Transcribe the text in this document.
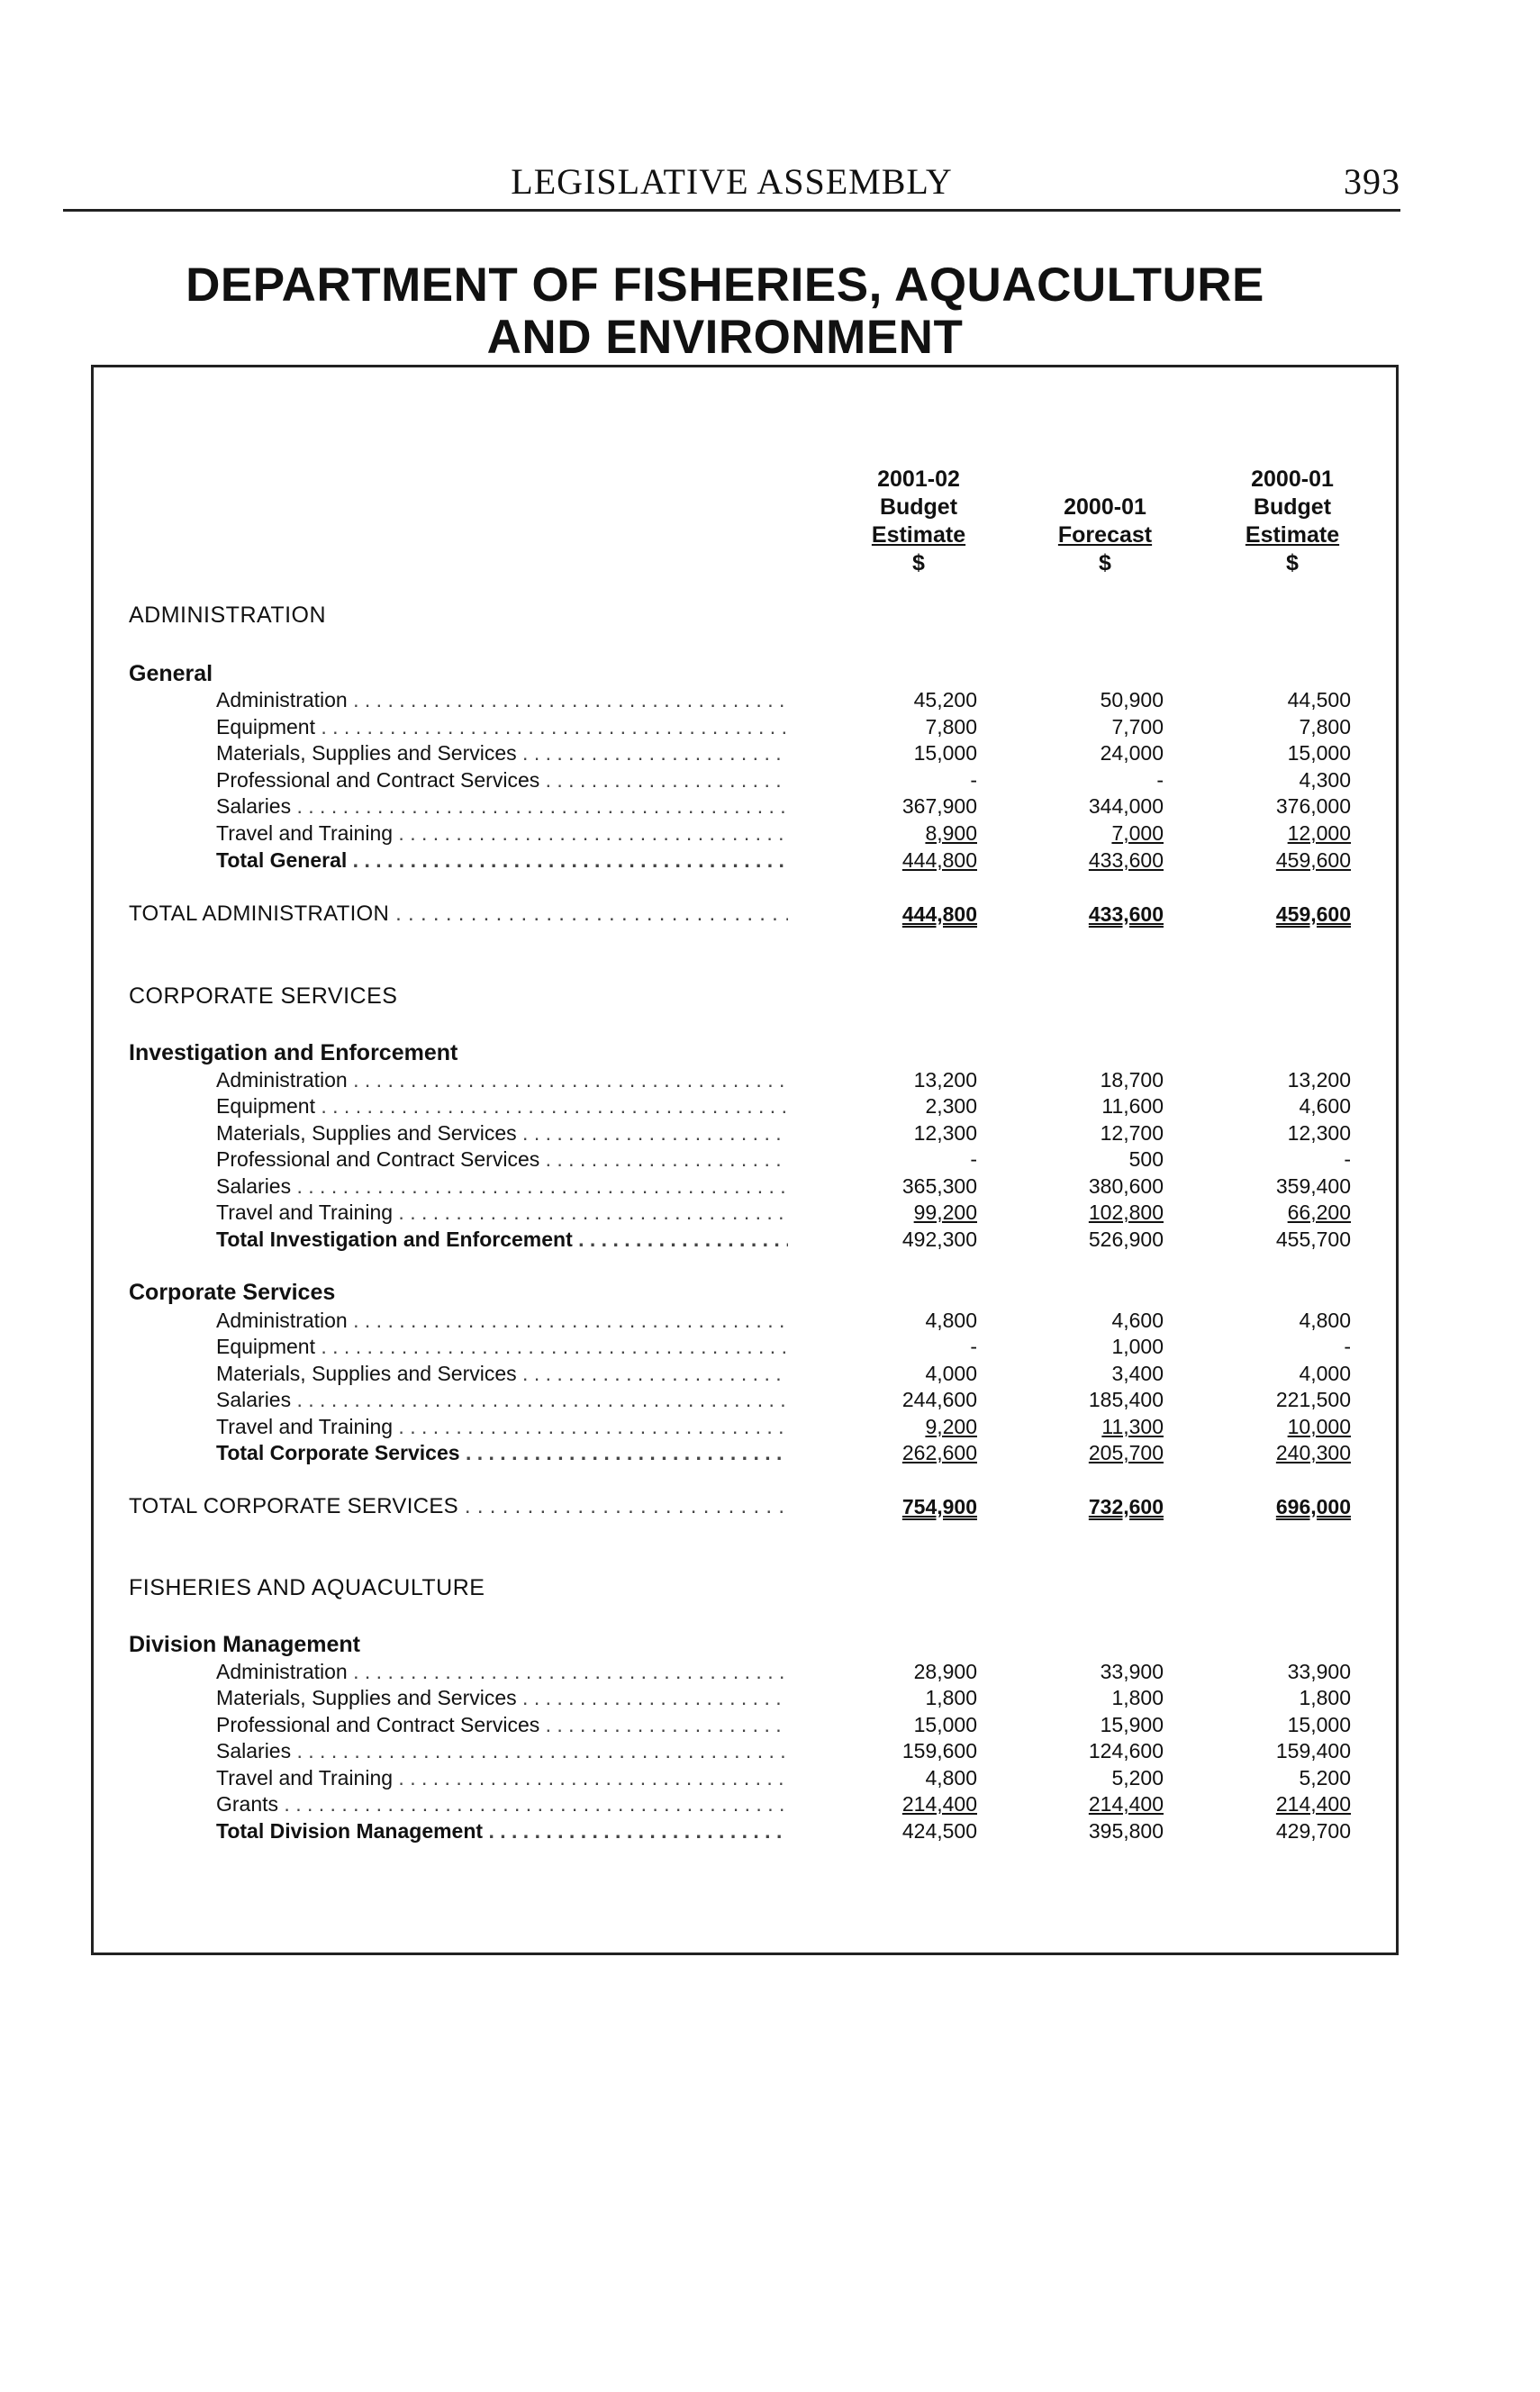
LEGISLATIVE ASSEMBLY	393
DEPARTMENT OF FISHERIES, AQUACULTURE
AND ENVIRONMENT
2001-02
Budget
Estimate
$
2000-01
Forecast
$
2000-01
Budget
Estimate
$
ADMINISTRATION
General
Administration . . .	45,200	50,900	44,500
Equipment . . .	7,800	7,700	7,800
Materials, Supplies and Services . . .	15,000	24,000	15,000
Professional and Contract Services . . .	-	-	4,300
Salaries . . .	367,900	344,000	376,000
Travel and Training . . .	8,900	7,000	12,000
Total General . . .	444,800	433,600	459,600
TOTAL ADMINISTRATION . . .	444,800	433,600	459,600
CORPORATE SERVICES
Investigation and Enforcement
Administration . . .	13,200	18,700	13,200
Equipment . . .	2,300	11,600	4,600
Materials, Supplies and Services . . .	12,300	12,700	12,300
Professional and Contract Services . . .	-	500	-
Salaries . . .	365,300	380,600	359,400
Travel and Training . . .	99,200	102,800	66,200
Total Investigation and Enforcement . . .	492,300	526,900	455,700
Corporate Services
Administration . . .	4,800	4,600	4,800
Equipment . . .	-	1,000	-
Materials, Supplies and Services . . .	4,000	3,400	4,000
Salaries . . .	244,600	185,400	221,500
Travel and Training . . .	9,200	11,300	10,000
Total Corporate Services . . .	262,600	205,700	240,300
TOTAL CORPORATE SERVICES . . .	754,900	732,600	696,000
FISHERIES AND AQUACULTURE
Division Management
Administration . . .	28,900	33,900	33,900
Materials, Supplies and Services . . .	1,800	1,800	1,800
Professional and Contract Services . . .	15,000	15,900	15,000
Salaries . . .	159,600	124,600	159,400
Travel and Training . . .	4,800	5,200	5,200
Grants . . .	214,400	214,400	214,400
Total Division Management . . .	424,500	395,800	429,700
